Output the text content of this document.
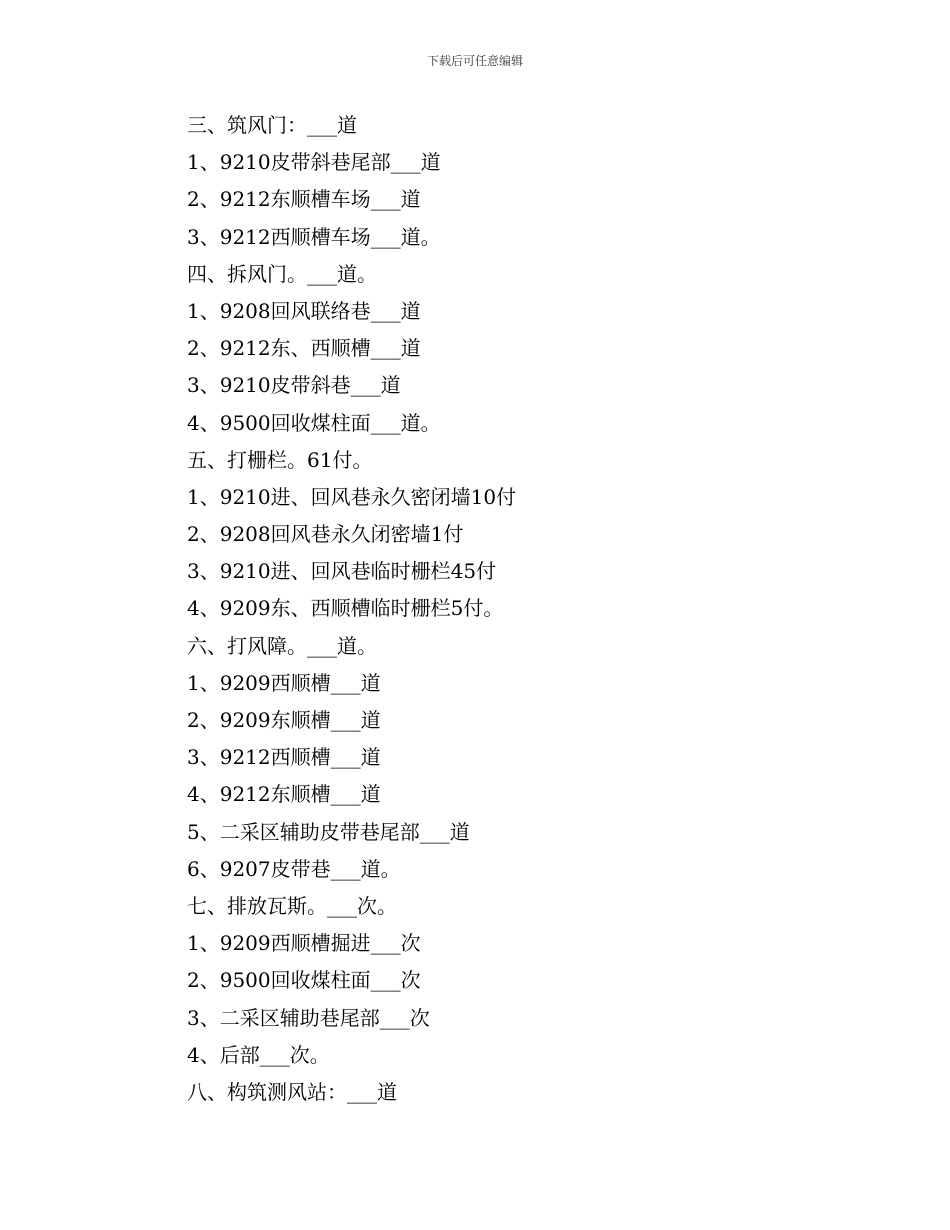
下载后可任意编辑
三、筑风门：___道
1、9210皮带斜巷尾部___道
2、9212东顺槽车场___道
3、9212西顺槽车场___道。
四、拆风门。___道。
1、9208回风联络巷___道
2、9212东、西顺槽___道
3、9210皮带斜巷___道
4、9500回收煤柱面___道。
五、打栅栏。61付。
1、9210进、回风巷永久密闭墙10付
2、9208回风巷永久闭密墙1付
3、9210进、回风巷临时栅栏45付
4、9209东、西顺槽临时栅栏5付。
六、打风障。___道。
1、9209西顺槽___道
2、9209东顺槽___道
3、9212西顺槽___道
4、9212东顺槽___道
5、二采区辅助皮带巷尾部___道
6、9207皮带巷___道。
七、排放瓦斯。___次。
1、9209西顺槽掘进___次
2、9500回收煤柱面___次
3、二采区辅助巷尾部___次
4、后部___次。
八、构筑测风站：___道
